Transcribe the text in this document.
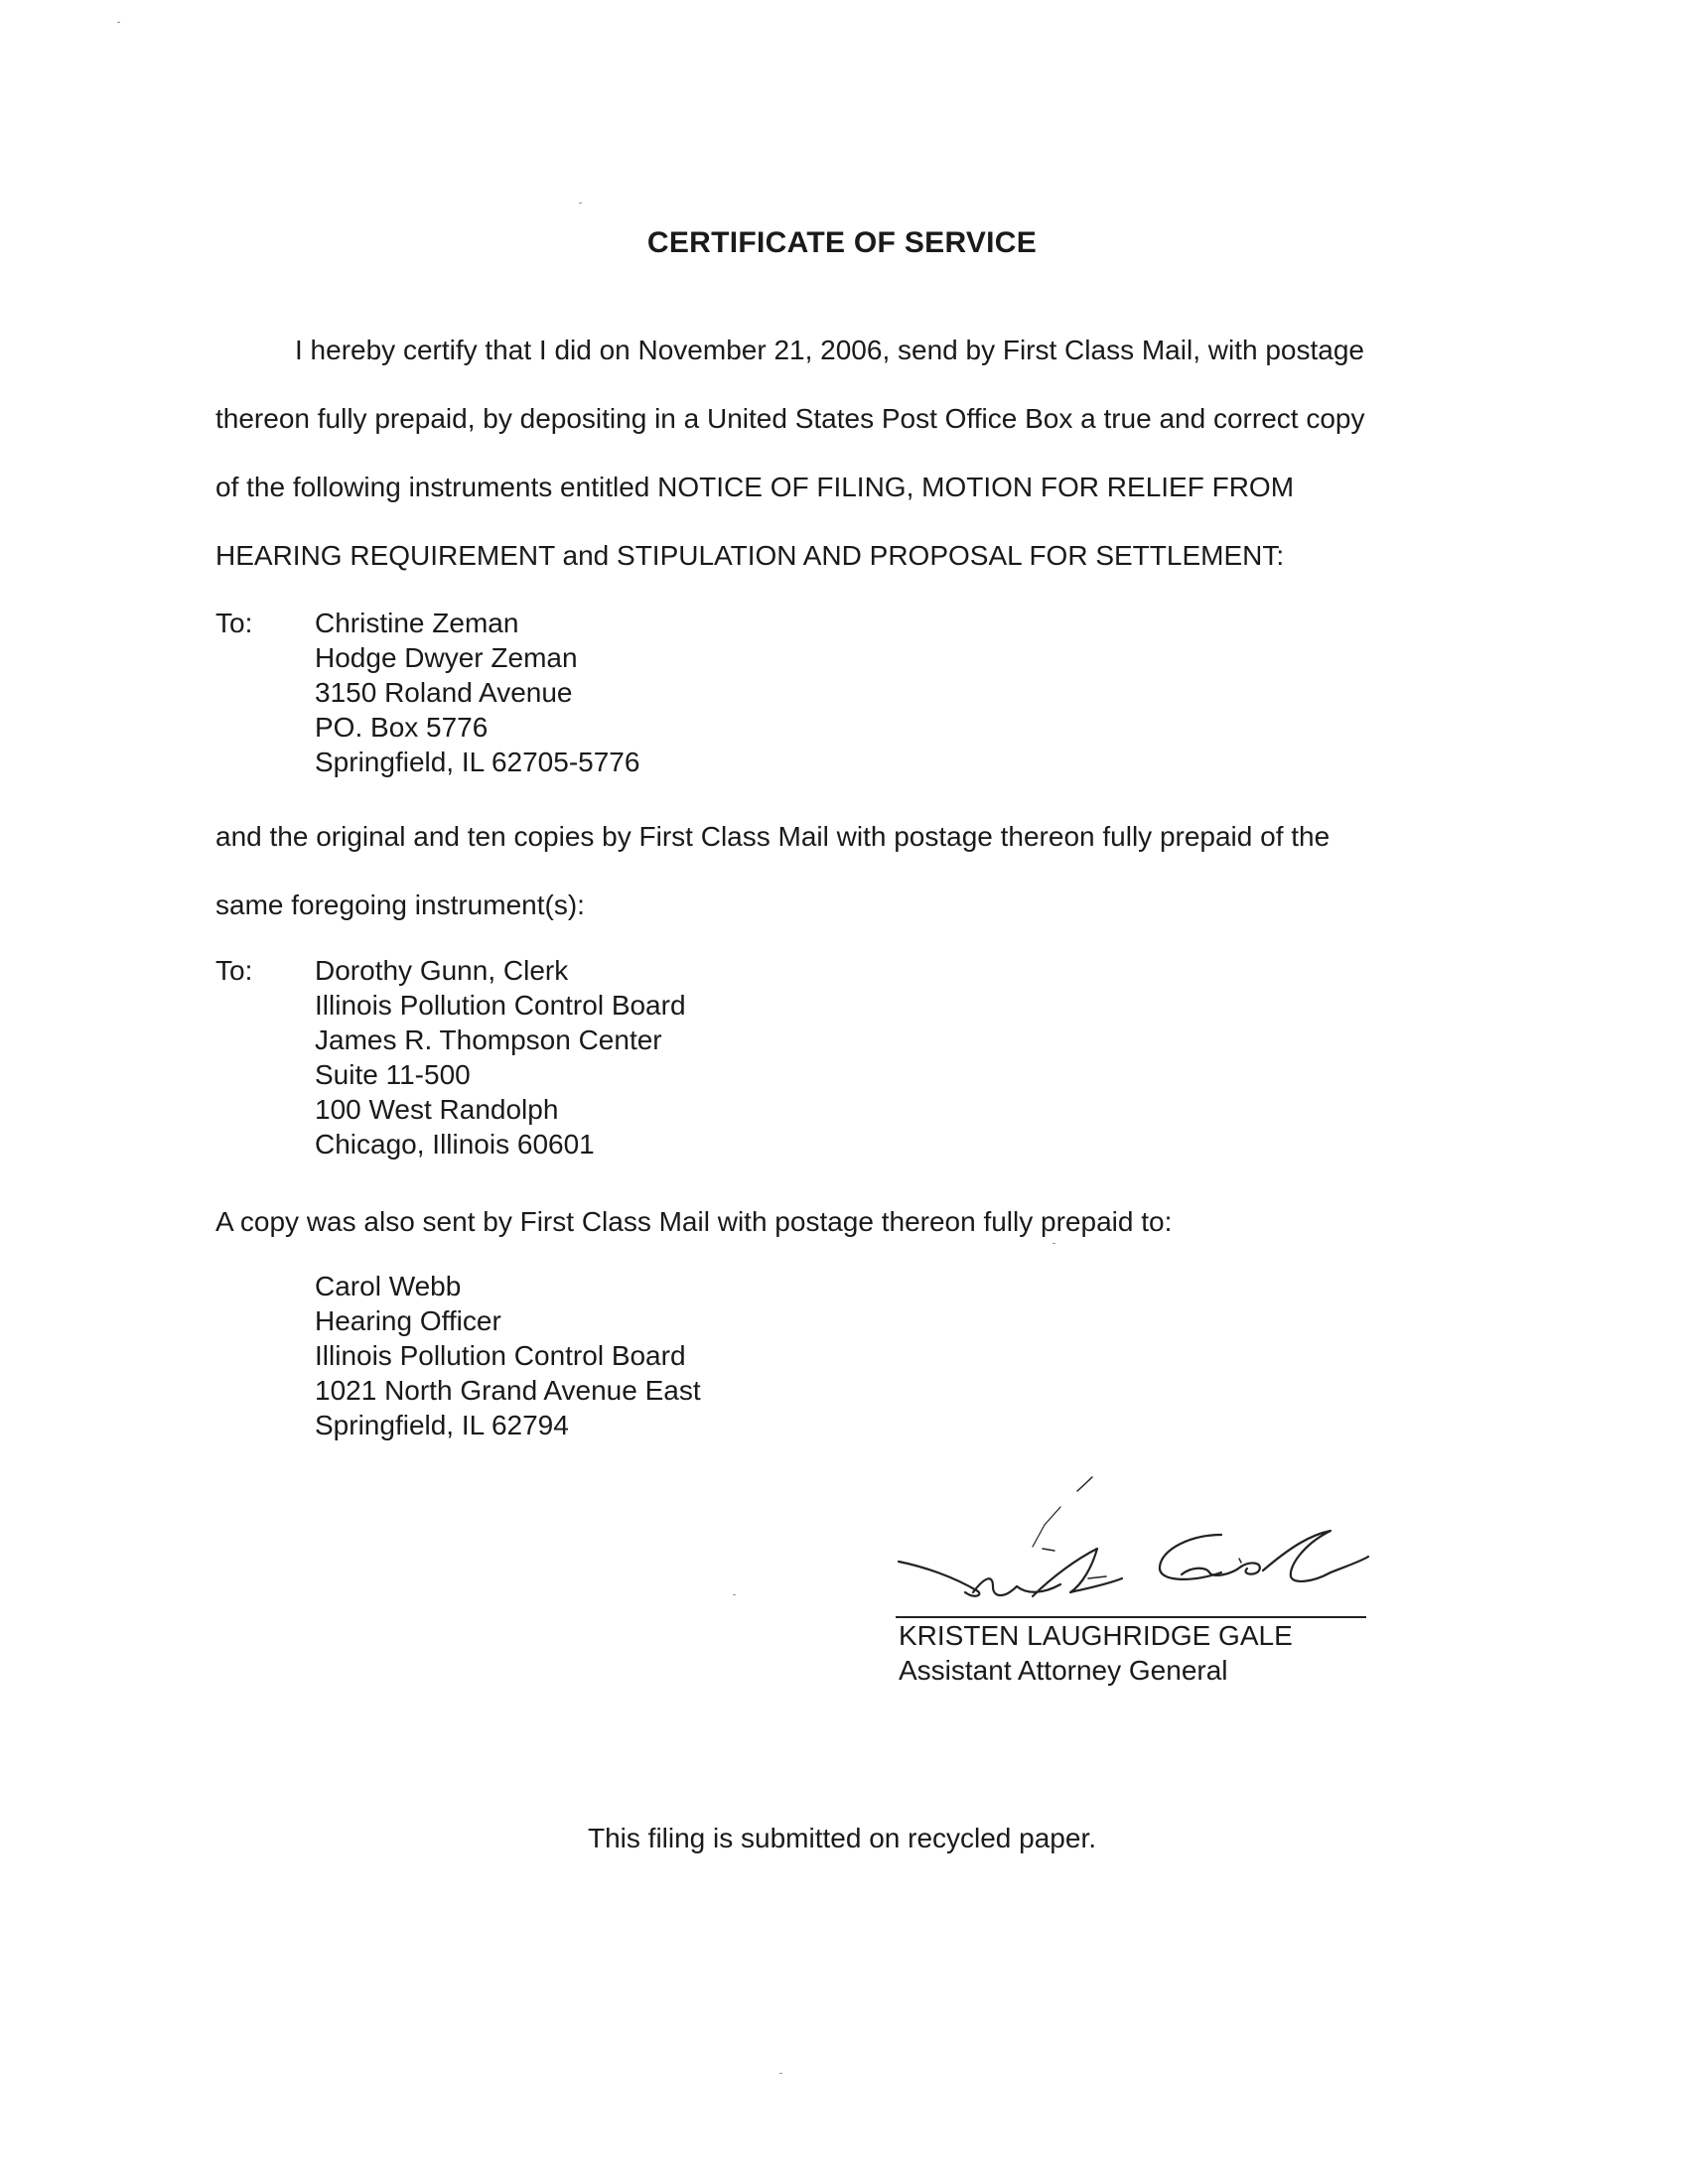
CERTIFICATE OF SERVICE
I hereby certify that I did on November 21, 2006, send by First Class Mail, with postage
thereon fully prepaid, by depositing in a United States Post Office Box a true and correct copy
of the following instruments entitled NOTICE OF FILING, MOTION FOR RELIEF FROM
HEARING REQUIREMENT and STIPULATION AND PROPOSAL FOR SETTLEMENT:
To: Christine Zeman
Hodge Dwyer Zeman
3150 Roland Avenue
PO. Box 5776
Springfield, IL 62705-5776
and the original and ten copies by First Class Mail with postage thereon fully prepaid of the
same foregoing instrument(s):
To: Dorothy Gunn, Clerk
Illinois Pollution Control Board
James R. Thompson Center
Suite 11-500
100 West Randolph
Chicago, Illinois 60601
A copy was also sent by First Class Mail with postage thereon fully prepaid to:
Carol Webb
Hearing Officer
Illinois Pollution Control Board
1021 North Grand Avenue East
Springfield, IL 62794
KRISTEN LAUGHRIDGE GALE
Assistant Attorney General
This filing is submitted on recycled paper.
